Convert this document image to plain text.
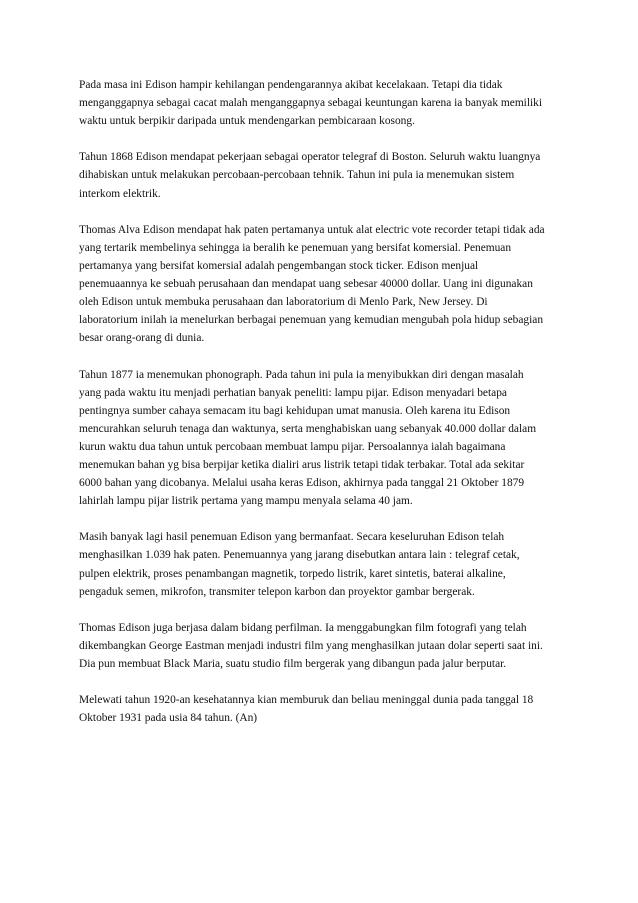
Pada masa ini Edison hampir kehilangan pendengarannya akibat kecelakaan. Tetapi dia tidak
menganggapnya sebagai cacat malah menganggapnya sebagai keuntungan karena ia banyak memiliki
waktu untuk berpikir daripada untuk mendengarkan pembicaraan kosong.

Tahun 1868 Edison mendapat pekerjaan sebagai operator telegraf di Boston. Seluruh waktu luangnya
dihabiskan untuk melakukan percobaan-percobaan tehnik. Tahun ini pula ia menemukan sistem
interkom elektrik.

Thomas Alva Edison mendapat hak paten pertamanya untuk alat electric vote recorder tetapi tidak ada
yang tertarik membelinya sehingga ia beralih ke penemuan yang bersifat komersial. Penemuan
pertamanya yang bersifat komersial adalah pengembangan stock ticker. Edison menjual
penemuaannya ke sebuah perusahaan dan mendapat uang sebesar 40000 dollar. Uang ini digunakan
oleh Edison untuk membuka perusahaan dan laboratorium di Menlo Park, New Jersey. Di
laboratorium inilah ia menelurkan berbagai penemuan yang kemudian mengubah pola hidup sebagian
besar orang-orang di dunia.

Tahun 1877 ia menemukan phonograph. Pada tahun ini pula ia menyibukkan diri dengan masalah
yang pada waktu itu menjadi perhatian banyak peneliti: lampu pijar. Edison menyadari betapa
pentingnya sumber cahaya semacam itu bagi kehidupan umat manusia. Oleh karena itu Edison
mencurahkan seluruh tenaga dan waktunya, serta menghabiskan uang sebanyak 40.000 dollar dalam
kurun waktu dua tahun untuk percobaan membuat lampu pijar. Persoalannya ialah bagaimana
menemukan bahan yg bisa berpijar ketika dialiri arus listrik tetapi tidak terbakar. Total ada sekitar
6000 bahan yang dicobanya. Melalui usaha keras Edison, akhirnya pada tanggal 21 Oktober 1879
lahirlah lampu pijar listrik pertama yang mampu menyala selama 40 jam.

Masih banyak lagi hasil penemuan Edison yang bermanfaat. Secara keseluruhan Edison telah
menghasilkan 1.039 hak paten. Penemuannya yang jarang disebutkan antara lain : telegraf cetak,
pulpen elektrik, proses penambangan magnetik, torpedo listrik, karet sintetis, baterai alkaline,
pengaduk semen, mikrofon, transmiter telepon karbon dan proyektor gambar bergerak.

Thomas Edison juga berjasa dalam bidang perfilman. Ia menggabungkan film fotografi yang telah
dikembangkan George Eastman menjadi industri film yang menghasilkan jutaan dolar seperti saat ini.
Dia pun membuat Black Maria, suatu studio film bergerak yang dibangun pada jalur berputar.

Melewati tahun 1920-an kesehatannya kian memburuk dan beliau meninggal dunia pada tanggal 18
Oktober 1931 pada usia 84 tahun. (An)
